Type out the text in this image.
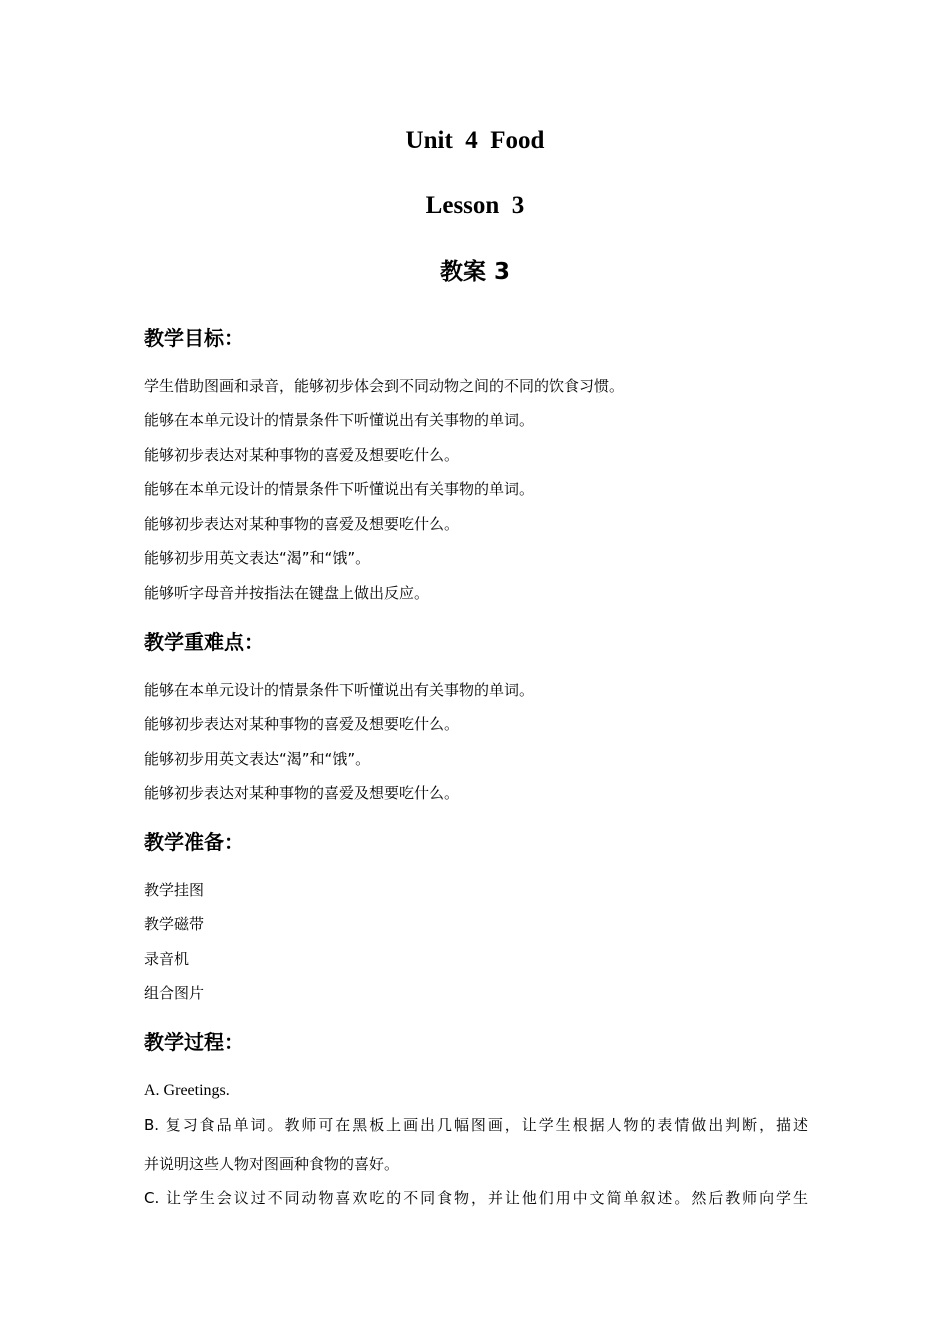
Unit  4  Food
Lesson  3
教案 3
教学目标：

学生借助图画和录音，能够初步体会到不同动物之间的不同的饮食习惯。

能够在本单元设计的情景条件下听懂说出有关事物的单词。

能够初步表达对某种事物的喜爱及想要吃什么。

能够在本单元设计的情景条件下听懂说出有关事物的单词。

能够初步表达对某种事物的喜爱及想要吃什么。

能够初步用英文表达“渴”和“饿”。

能够听字母音并按指法在键盘上做出反应。

教学重难点：

能够在本单元设计的情景条件下听懂说出有关事物的单词。

能够初步表达对某种事物的喜爱及想要吃什么。

能够初步用英文表达“渴”和“饿”。

能够初步表达对某种事物的喜爱及想要吃什么。

教学准备：

教学挂图

教学磁带

录音机

组合图片

教学过程：

A. Greetings.

B. 复习食品单词。教师可在黑板上画出几幅图画，让学生根据人物的表情做出判断，描述

并说明这些人物对图画种食物的喜好。

C. 让学生会议过不同动物喜欢吃的不同食物，并让他们用中文简单叙述。然后教师向学生
